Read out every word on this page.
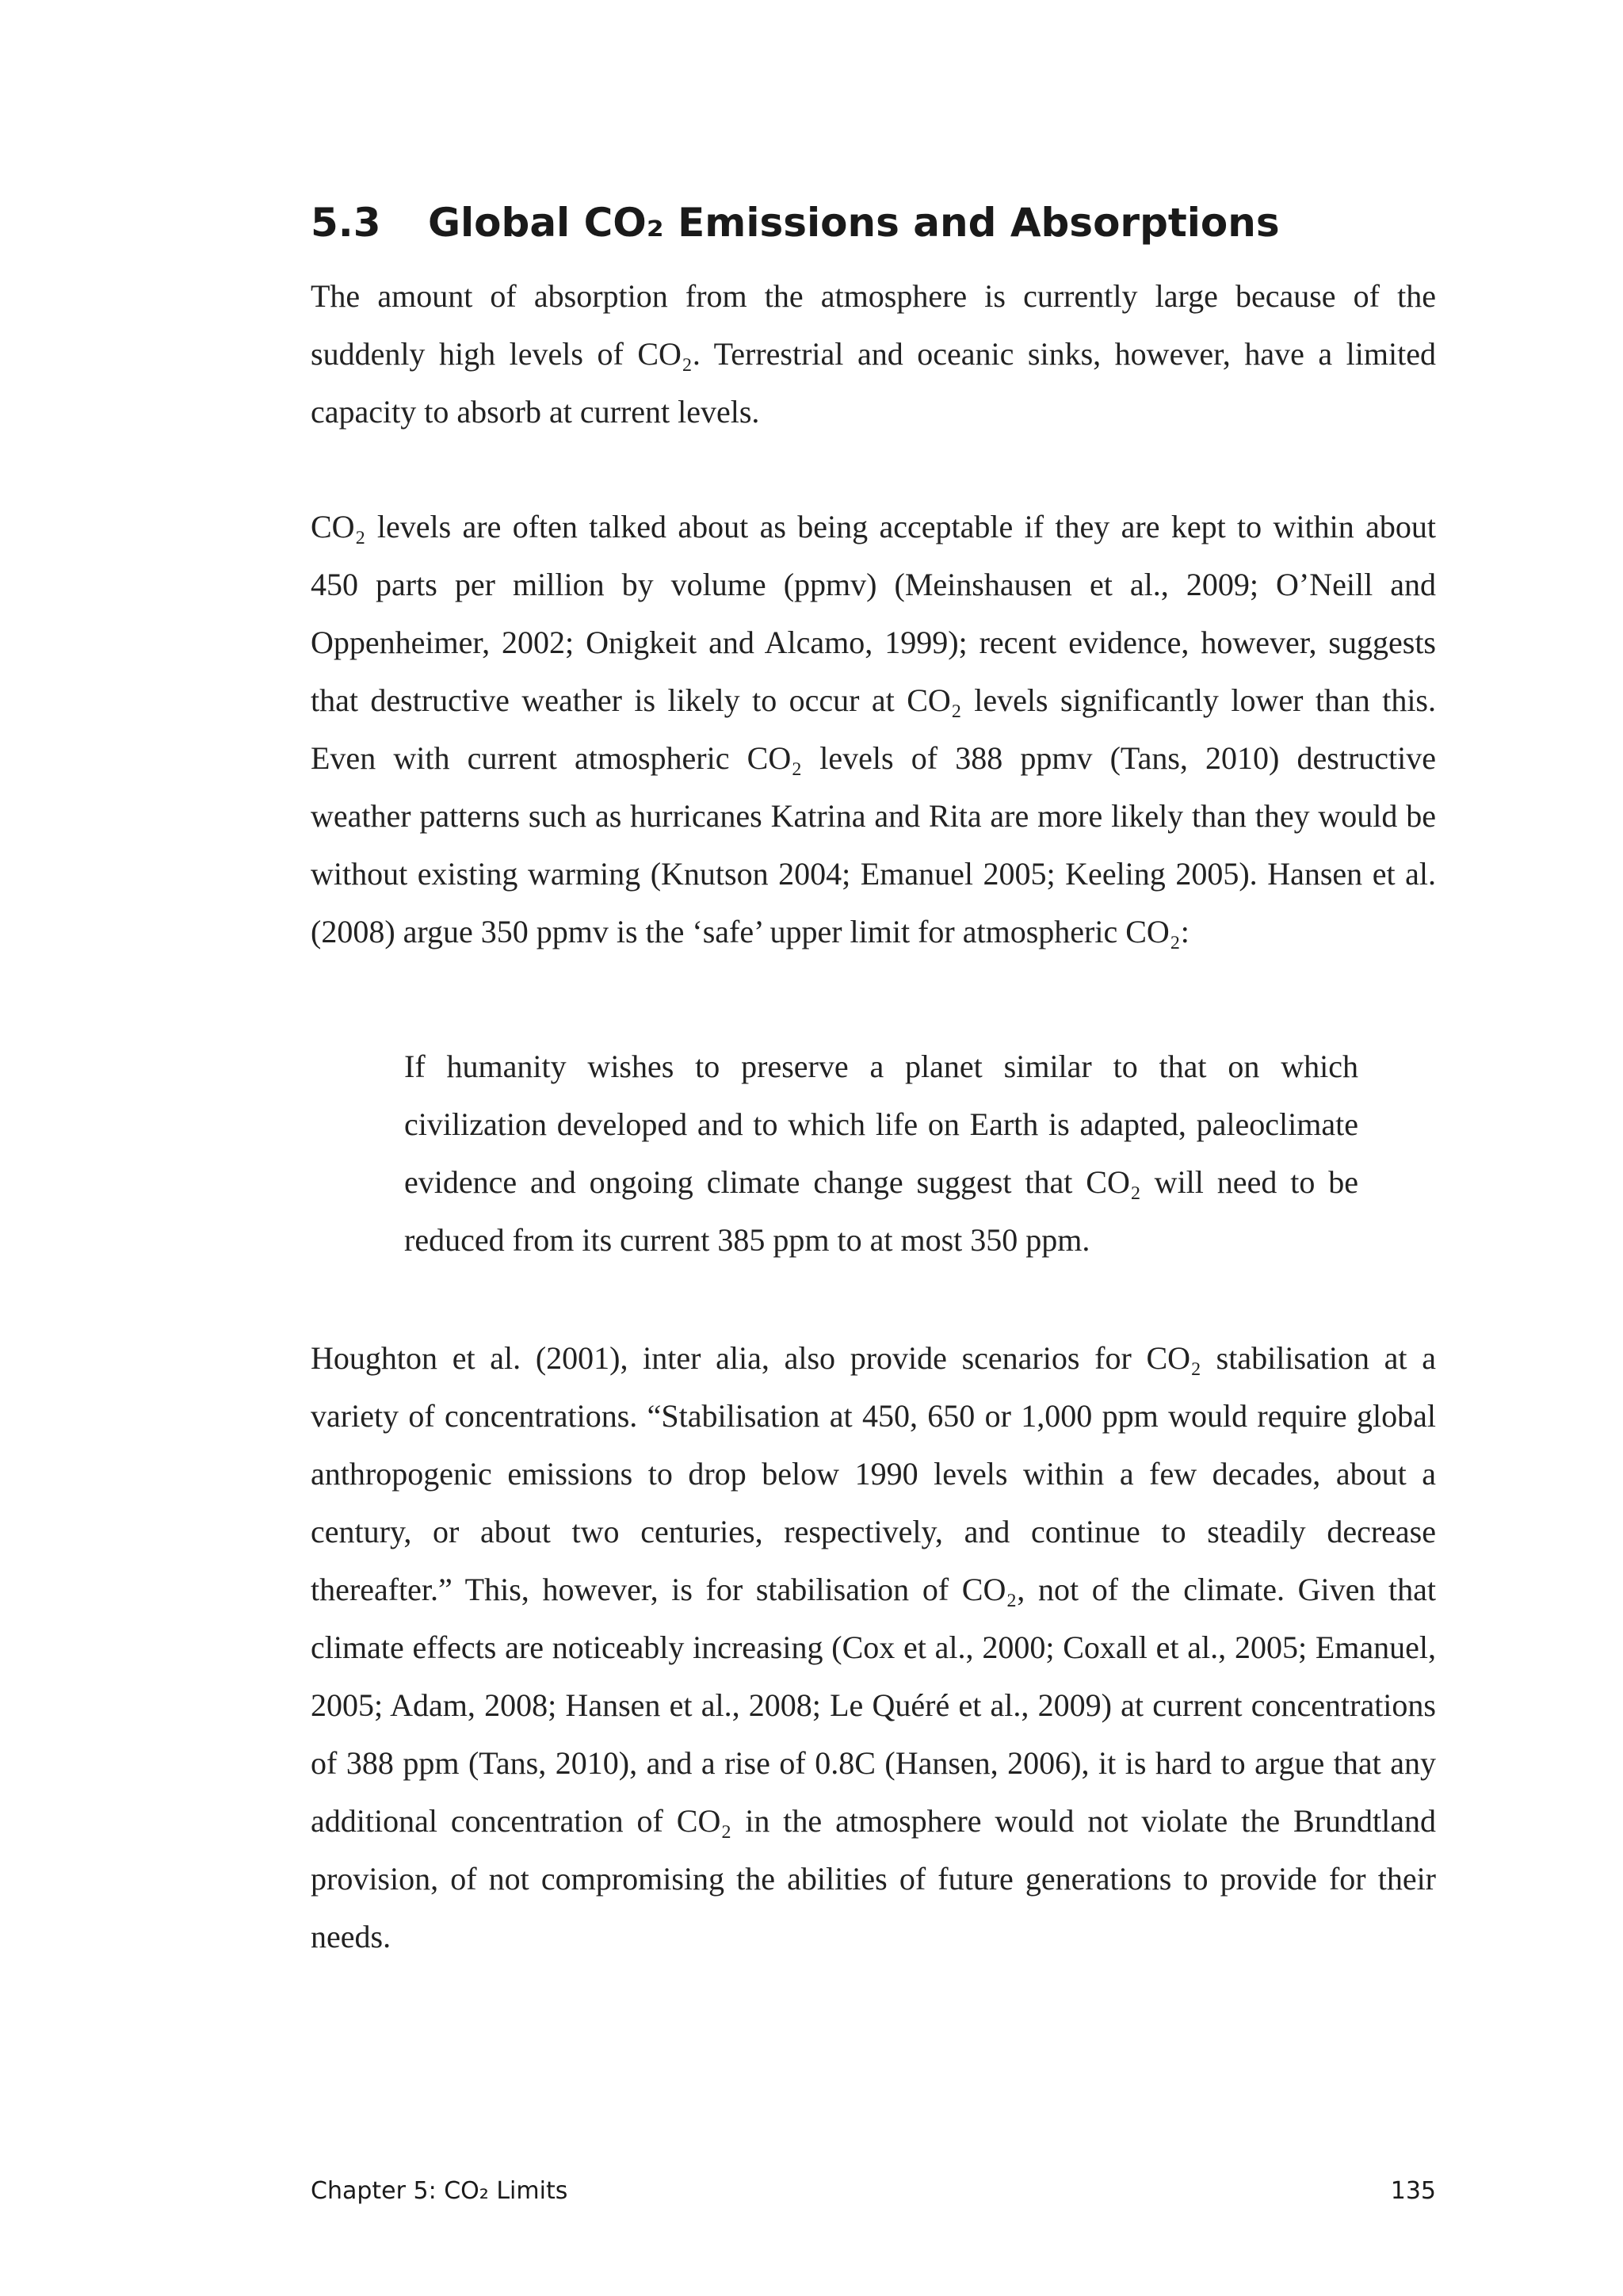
5.3 Global CO₂ Emissions and Absorptions

The amount of absorption from the atmosphere is currently large because of the suddenly high levels of CO₂. Terrestrial and oceanic sinks, however, have a limited capacity to absorb at current levels.

CO₂ levels are often talked about as being acceptable if they are kept to within about 450 parts per million by volume (ppmv) (Meinshausen et al., 2009; O’Neill and Oppenheimer, 2002; Onigkeit and Alcamo, 1999); recent evidence, however, suggests that destructive weather is likely to occur at CO₂ levels significantly lower than this. Even with current atmospheric CO₂ levels of 388 ppmv (Tans, 2010) destructive weather patterns such as hurricanes Katrina and Rita are more likely than they would be without existing warming (Knutson 2004; Emanuel 2005; Keeling 2005). Hansen et al. (2008) argue 350 ppmv is the ‘safe’ upper limit for atmospheric CO₂:

If humanity wishes to preserve a planet similar to that on which civilization developed and to which life on Earth is adapted, paleoclimate evidence and ongoing climate change suggest that CO₂ will need to be reduced from its current 385 ppm to at most 350 ppm.

Houghton et al. (2001), inter alia, also provide scenarios for CO₂ stabilisation at a variety of concentrations. “Stabilisation at 450, 650 or 1,000 ppm would require global anthropogenic emissions to drop below 1990 levels within a few decades, about a century, or about two centuries, respectively, and continue to steadily decrease thereafter.” This, however, is for stabilisation of CO₂, not of the climate. Given that climate effects are noticeably increasing (Cox et al., 2000; Coxall et al., 2005; Emanuel, 2005; Adam, 2008; Hansen et al., 2008; Le Quéré et al., 2009) at current concentrations of 388 ppm (Tans, 2010), and a rise of 0.8C (Hansen, 2006), it is hard to argue that any additional concentration of CO₂ in the atmosphere would not violate the Brundtland provision, of not compromising the abilities of future generations to provide for their needs.

Chapter 5: CO₂ Limits	135
